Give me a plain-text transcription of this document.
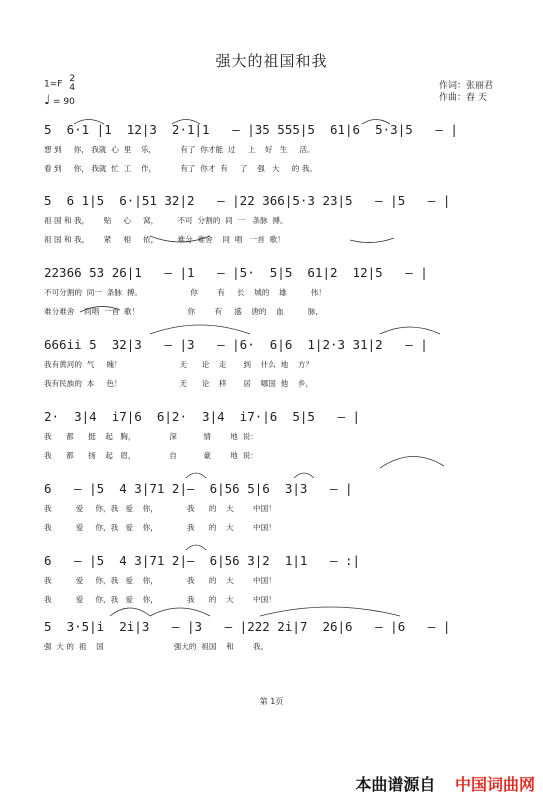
强大的祖国和我
1=F 2
4
♩ = 90
作词：张丽君
作曲：春 天
5  6·1 |1  12|3  2·1|1   — |35 555|5  61|6  5·3|5   — |
想 到     你， 我就  心  里    乐，          有了  你才能  过     上    好   生     活。
看 到     你， 我就  忙  工    作，          有了  你才  有     了    强   大     的 我。
5  6 1|5  6·|51 32|2   — |22 366|5·3 23|5   — |5   — |
祖 国 和 我，      贴     心     窝，        不可  分割的  同  一   条脉  搏。
祖 国 和 我，      紧     相     依，        难分  难舍    同  唱   一首  歌！
22366 53 26|1   — |1   — |5·  5|5  61|2  12|5   — |
不可分割的  同一  条脉  搏。                    你        有     长    城的    雄          伟！
难分难舍    同唱  一首  歌！                    你        有     盛    唐的    血          脉，
666ii 5  32|3   — |3   — |6·  6|6  1|2·3 31|2   — |
我有黄河的  气     魄！                        无      论    走       到    什么  地    方？
我有民族的  本     色！                        无      论    移       居    哪国  他    乡，
2·  3|4  i7|6  6|2·  3|4  i7·|6  5|5   — |
我      都      挺    起   胸，              深           情        地  说：
我      都      扬    起   眉，              自           豪        地  说：
6   — |5  4 3|71 2|—  6|56 5|6  3|3   — |
我          爱     你，我   爱    你，            我      的    大        中国！
我          爱     你，我   爱    你，            我      的    大        中国！
6   — |5  4 3|71 2|—  6|56 3|2  1|1   — :|
我          爱     你，我   爱    你，            我      的    大        中国！
我          爱     你，我   爱    你，            我      的    大        中国！
5  3·5|i  2i|3   — |3   — |222 2i|7  26|6   — |6   — |
强  大 的  祖    国                             强大的  祖国    和        我。
第 1页
本曲谱源自 中国词曲网
